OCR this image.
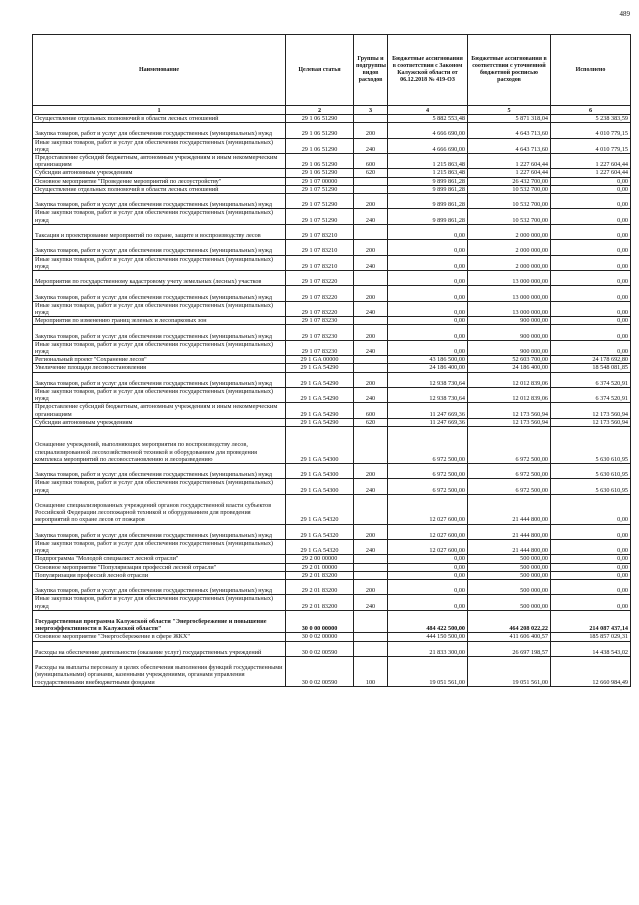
489
Наименование	Целевая статья	Группы и подгруппы видов расходов	Бюджетные ассигнования в соответствии с Законом Калужской области от 06.12.2018 № 419-ОЗ	Бюджетные ассигнования в соответствии с уточненной бюджетной росписью расходов	Исполнено
1	2	3	4	5	6
Осуществление отдельных полномочий в области лесных отношений	29 1 06 51290		5 882 553,48	5 871 318,04	5 238 383,59
Закупка товаров, работ и услуг для обеспечения государственных (муниципальных) нужд	29 1 06 51290	200	4 666 690,00	4 643 713,60	4 010 779,15
Иные закупки товаров, работ и услуг для обеспечения государственных (муниципальных) нужд	29 1 06 51290	240	4 666 690,00	4 643 713,60	4 010 779,15
Предоставление субсидий бюджетным, автономным учреждениям и иным некоммерческим организациям	29 1 06 51290	600	1 215 863,48	1 227 604,44	1 227 604,44
Субсидии автономным учреждениям	29 1 06 51290	620	1 215 863,48	1 227 604,44	1 227 604,44
Основное мероприятие "Проведение мероприятий по лесоустройству"	29 1 07 00000		9 899 861,28	26 432 700,00	0,00
Осуществление отдельных полномочий в области лесных отношений	29 1 07 51290		9 899 861,28	10 532 700,00	0,00
Закупка товаров, работ и услуг для обеспечения государственных (муниципальных) нужд	29 1 07 51290	200	9 899 861,28	10 532 700,00	0,00
Иные закупки товаров, работ и услуг для обеспечения государственных (муниципальных) нужд	29 1 07 51290	240	9 899 861,28	10 532 700,00	0,00
Таксация и проектирование мероприятий по охране, защите и воспроизводству лесов	29 1 07 83210		0,00	2 000 000,00	0,00
Закупка товаров, работ и услуг для обеспечения государственных (муниципальных) нужд	29 1 07 83210	200	0,00	2 000 000,00	0,00
Иные закупки товаров, работ и услуг для обеспечения государственных (муниципальных) нужд	29 1 07 83210	240	0,00	2 000 000,00	0,00
Мероприятия по государственному кадастровому учету земельных (лесных) участков	29 1 07 83220		0,00	13 000 000,00	0,00
Закупка товаров, работ и услуг для обеспечения государственных (муниципальных) нужд	29 1 07 83220	200	0,00	13 000 000,00	0,00
Иные закупки товаров, работ и услуг для обеспечения государственных (муниципальных) нужд	29 1 07 83220	240	0,00	13 000 000,00	0,00
Мероприятия по изменению границ зеленых и лесопарковых зон	29 1 07 83230		0,00	900 000,00	0,00
Закупка товаров, работ и услуг для обеспечения государственных (муниципальных) нужд	29 1 07 83230	200	0,00	900 000,00	0,00
Иные закупки товаров, работ и услуг для обеспечения государственных (муниципальных) нужд	29 1 07 83230	240	0,00	900 000,00	0,00
Региональный проект "Сохранение лесов"	29 1 GA 00000		43 186 500,00	52 603 700,00	24 178 692,80
Увеличение площади лесовосстановления	29 1 GA 54290		24 186 400,00	24 186 400,00	18 548 081,85
Закупка товаров, работ и услуг для обеспечения государственных (муниципальных) нужд	29 1 GA 54290	200	12 938 730,64	12 012 839,06	6 374 520,91
Иные закупки товаров, работ и услуг для обеспечения государственных (муниципальных) нужд	29 1 GA 54290	240	12 938 730,64	12 012 839,06	6 374 520,91
Предоставление субсидий бюджетным, автономным учреждениям и иным некоммерческим организациям	29 1 GA 54290	600	11 247 669,36	12 173 560,94	12 173 560,94
Субсидии автономным учреждениям	29 1 GA 54290	620	11 247 669,36	12 173 560,94	12 173 560,94
Оснащение учреждений, выполняющих мероприятия по воспроизводству лесов, специализированной лесохозяйственной техникой и оборудованием для проведения комплекса мероприятий по лесовосстановлению и лесоразведению	29 1 GA 54300		6 972 500,00	6 972 500,00	5 630 610,95
Закупка товаров, работ и услуг для обеспечения государственных (муниципальных) нужд	29 1 GA 54300	200	6 972 500,00	6 972 500,00	5 630 610,95
Иные закупки товаров, работ и услуг для обеспечения государственных (муниципальных) нужд	29 1 GA 54300	240	6 972 500,00	6 972 500,00	5 630 610,95
Оснащение специализированных учреждений органов государственной власти субъектов Российской Федерации лесопожарной техникой и оборудованием для проведения мероприятий по охране лесов от пожаров	29 1 GA 54320		12 027 600,00	21 444 800,00	0,00
Закупка товаров, работ и услуг для обеспечения государственных (муниципальных) нужд	29 1 GA 54320	200	12 027 600,00	21 444 800,00	0,00
Иные закупки товаров, работ и услуг для обеспечения государственных (муниципальных) нужд	29 1 GA 54320	240	12 027 600,00	21 444 800,00	0,00
Подпрограмма "Молодой специалист лесной отрасли"	29 2 00 00000		0,00	500 000,00	0,00
Основное мероприятие "Популяризация профессий лесной отрасли"	29 2 01 00000		0,00	500 000,00	0,00
Популяризация профессий лесной отрасли	29 2 01 83200		0,00	500 000,00	0,00
Закупка товаров, работ и услуг для обеспечения государственных (муниципальных) нужд	29 2 01 83200	200	0,00	500 000,00	0,00
Иные закупки товаров, работ и услуг для обеспечения государственных (муниципальных) нужд	29 2 01 83200	240	0,00	500 000,00	0,00
Государственная программа Калужской области "Энергосбережение и повышение энергоэффективности в Калужской области"	30 0 00 00000		484 422 500,00	464 208 022,22	214 087 437,14
Основное мероприятие "Энергосбережение в сфере ЖКХ"	30 0 02 00000		444 150 500,00	411 606 400,57	185 857 029,31
Расходы на обеспечение деятельности (оказание услуг) государственных учреждений	30 0 02 00590		21 833 300,00	26 697 198,57	14 438 543,02
Расходы на выплаты персоналу в целях обеспечения выполнения функций государственными (муниципальными) органами, казенными учреждениями, органами управления государственными внебюджетными фондами	30 0 02 00590	100	19 051 561,00	19 051 561,00	12 660 984,49
